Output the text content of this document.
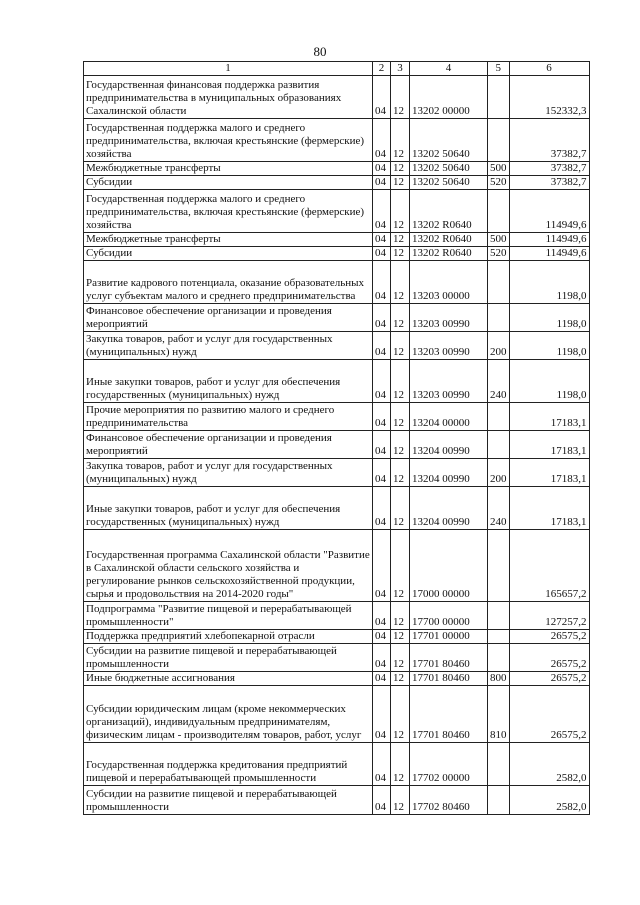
80
1	2	3	4	5	6
Государственная финансовая поддержка развития предпринимательства в муниципальных образованиях Сахалинской области	04	12	13202 00000		152332,3
Государственная поддержка малого и среднего предпринимательства, включая крестьянские (фермерские) хозяйства	04	12	13202 50640		37382,7
Межбюджетные трансферты	04	12	13202 50640	500	37382,7
Субсидии	04	12	13202 50640	520	37382,7
Государственная поддержка малого и среднего предпринимательства, включая крестьянские (фермерские) хозяйства	04	12	13202 R0640		114949,6
Межбюджетные трансферты	04	12	13202 R0640	500	114949,6
Субсидии	04	12	13202 R0640	520	114949,6
Развитие кадрового потенциала, оказание образовательных услуг субъектам малого и среднего предпринимательства	04	12	13203 00000		1198,0
Финансовое обеспечение организации и проведения мероприятий	04	12	13203 00990		1198,0
Закупка товаров, работ и услуг для государственных (муниципальных) нужд	04	12	13203 00990	200	1198,0
Иные закупки товаров, работ и услуг для обеспечения государственных (муниципальных) нужд	04	12	13203 00990	240	1198,0
Прочие мероприятия по развитию малого и среднего предпринимательства	04	12	13204 00000		17183,1
Финансовое обеспечение организации и проведения мероприятий	04	12	13204 00990		17183,1
Закупка товаров, работ и услуг для государственных (муниципальных) нужд	04	12	13204 00990	200	17183,1
Иные закупки товаров, работ и услуг для обеспечения государственных (муниципальных) нужд	04	12	13204 00990	240	17183,1
Государственная программа Сахалинской области "Развитие в Сахалинской области сельского хозяйства и регулирование рынков сельскохозяйственной продукции, сырья и продовольствия на 2014-2020 годы"	04	12	17000 00000		165657,2
Подпрограмма "Развитие пищевой и перерабатывающей промышленности"	04	12	17700 00000		127257,2
Поддержка предприятий хлебопекарной отрасли	04	12	17701 00000		26575,2
Субсидии на развитие пищевой и перерабатывающей промышленности	04	12	17701 80460		26575,2
Иные бюджетные ассигнования	04	12	17701 80460	800	26575,2
Субсидии юридическим лицам (кроме некоммерческих организаций), индивидуальным предпринимателям, физическим лицам - производителям товаров, работ, услуг	04	12	17701 80460	810	26575,2
Государственная поддержка кредитования предприятий пищевой и перерабатывающей промышленности	04	12	17702 00000		2582,0
Субсидии на развитие пищевой и перерабатывающей промышленности	04	12	17702 80460		2582,0
